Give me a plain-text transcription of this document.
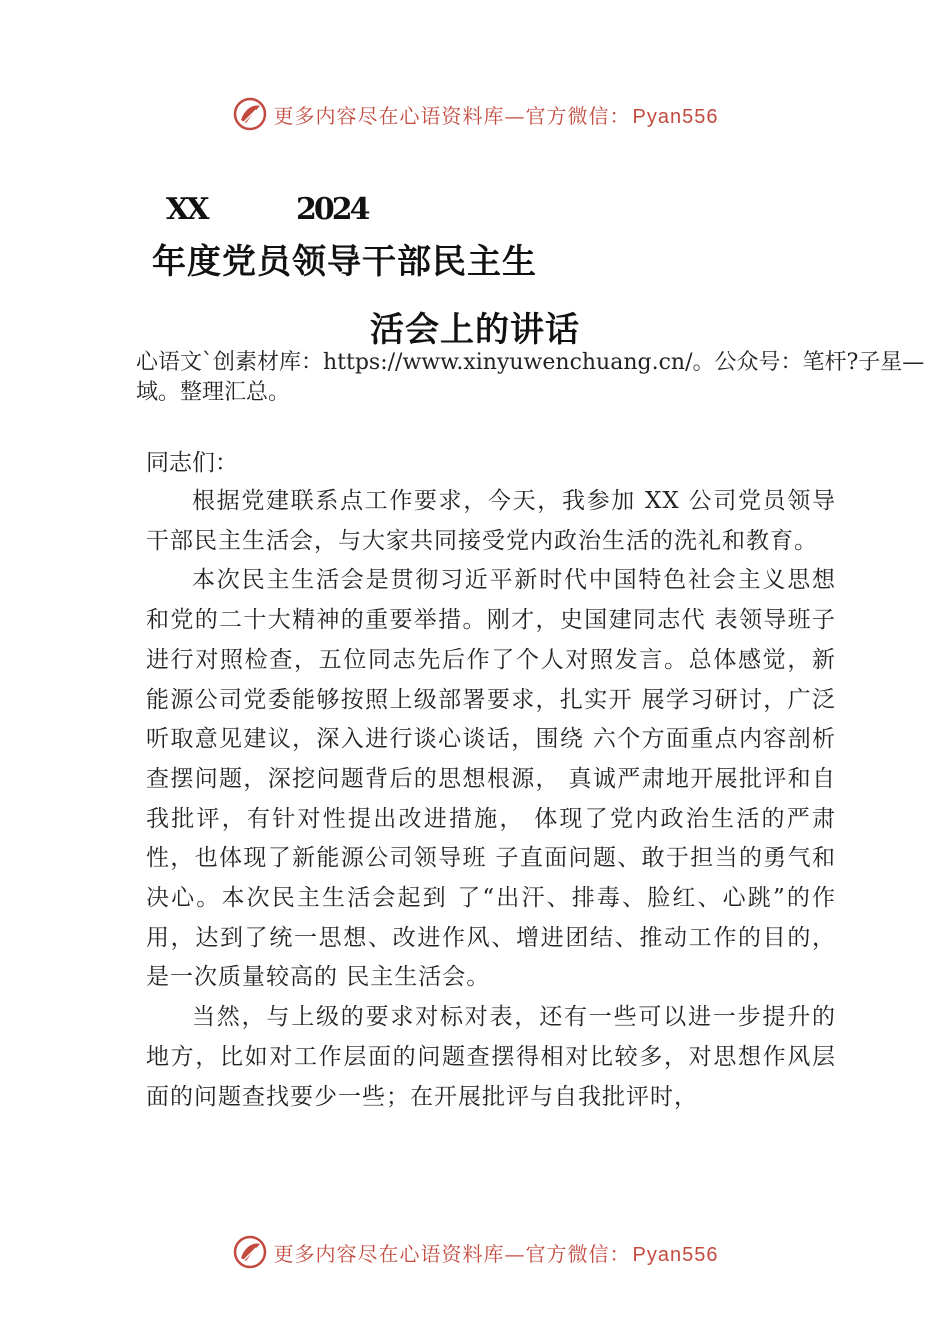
更多内容尽在心语资料库—官方微信： Pyan556
XX	2024
年度党员领导干部民主生
活会上的讲话
心语文`创素材库：https://www.xinyuwenchuang.cn/。公众号：笔杆?子星—域。整理汇总。
同志们：

根据党建联系点工作要求，今天，我参加 XX 公司党员领导干部民主生活会，与大家共同接受党内政治生活的洗礼和教育。

本次民主生活会是贯彻习近平新时代中国特色社会主义思想和党的二十大精神的重要举措。刚才，史国建同志代 表领导班子进行对照检查，五位同志先后作了个人对照发言。总体感觉，新能源公司党委能够按照上级部署要求，扎实开 展学习研讨，广泛听取意见建议，深入进行谈心谈话，围绕 六个方面重点内容剖析查摆问题，深挖问题背后的思想根源， 真诚严肃地开展批评和自我批评，有针对性提出改进措施， 体现了党内政治生活的严肃性，也体现了新能源公司领导班 子直面问题、敢于担当的勇气和决心。本次民主生活会起到 了“出汗、排毒、脸红、心跳”的作用，达到了统一思想、改进作风、增进团结、推动工作的目的，是一次质量较高的 民主生活会。

当然，与上级的要求对标对表，还有一些可以进一步提升的地方，比如对工作层面的问题查摆得相对比较多，对思想作风层面的问题查找要少一些；在开展批评与自我批评时，

更多内容尽在心语资料库—官方微信： Pyan556
